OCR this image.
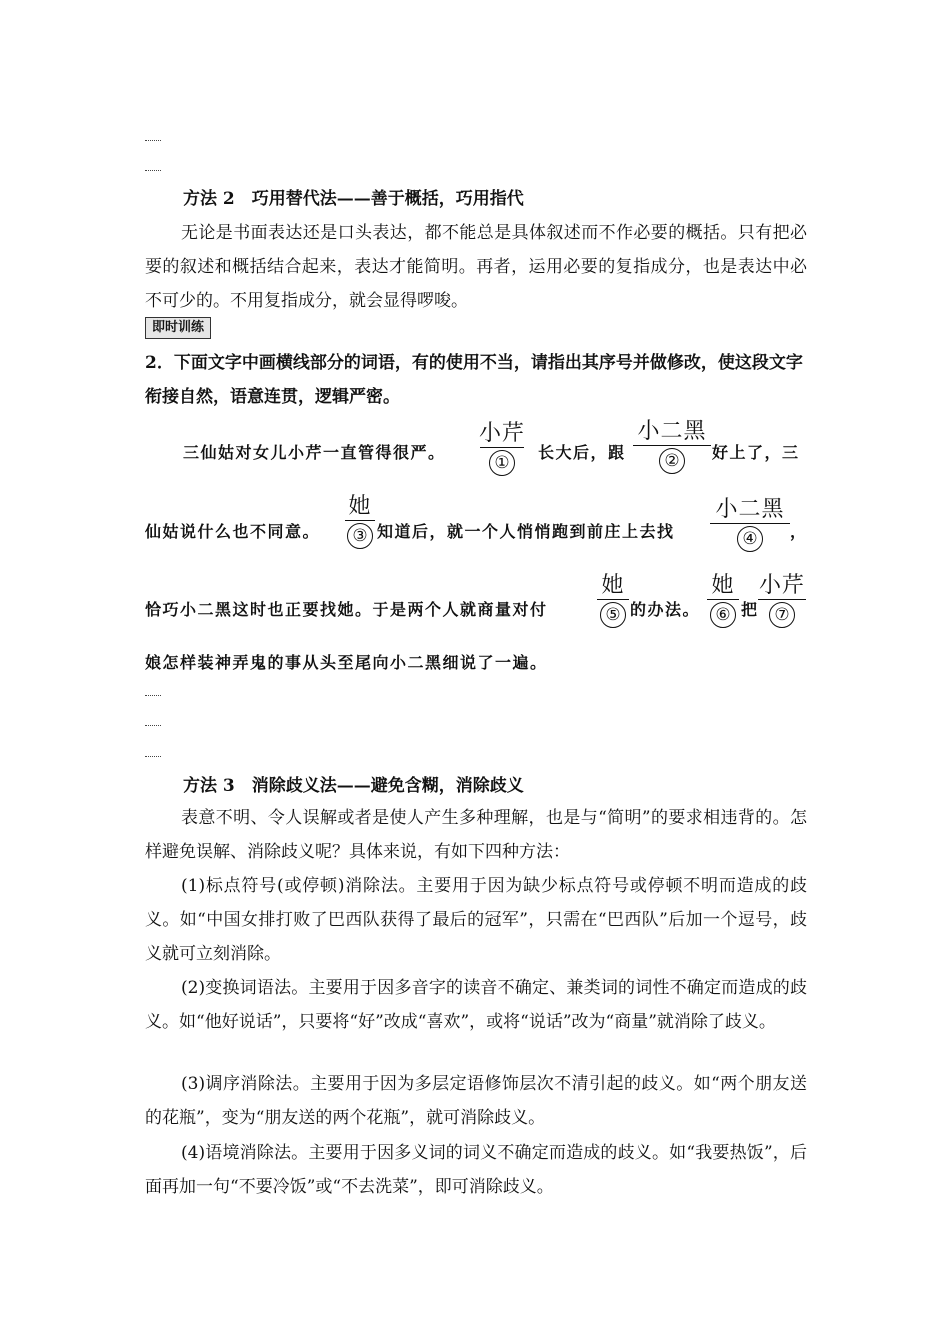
方法 2　巧用替代法——善于概括，巧用指代
无论是书面表达还是口头表达，都不能总是具体叙述而不作必要的概括。只有把必要的叙述和概括结合起来，表达才能简明。再者，运用必要的复指成分，也是表达中必不可少的。不用复指成分，就会显得啰唆。
即时训练
2．下面文字中画横线部分的词语，有的使用不当，请指出其序号并做修改，使这段文字衔接自然，语意连贯，逻辑严密。
三仙姑对女儿小芹一直管得很严。
小芹
①
长大后，跟
小二黑
②	好上了，三
仙姑说什么也不同意。
她
③ 知道后，就一个人悄悄跑到前庄上去找
小二黑
④	，
恰巧小二黑这时也正要找她。于是两个人就商量对付
她
⑤ 的办法。
她
⑥ 把
小芹
⑦
娘怎样装神弄鬼的事从头至尾向小二黑细说了一遍。
方法 3　消除歧义法——避免含糊，消除歧义
表意不明、令人误解或者是使人产生多种理解，也是与“简明”的要求相违背的。怎样避免误解、消除歧义呢？具体来说，有如下四种方法：
(1)标点符号(或停顿)消除法。主要用于因为缺少标点符号或停顿不明而造成的歧义。如“中国女排打败了巴西队获得了最后的冠军”，只需在“巴西队”后加一个逗号，歧义就可立刻消除。
(2)变换词语法。主要用于因多音字的读音不确定、兼类词的词性不确定而造成的歧义。如“他好说话”，只要将“好”改成“喜欢”，或将“说话”改为“商量”就消除了歧义。
(3)调序消除法。主要用于因为多层定语修饰层次不清引起的歧义。如“两个朋友送的花瓶”，变为“朋友送的两个花瓶”，就可消除歧义。
(4)语境消除法。主要用于因多义词的词义不确定而造成的歧义。如“我要热饭”，后面再加一句“不要冷饭”或“不去洗菜”，即可消除歧义。
